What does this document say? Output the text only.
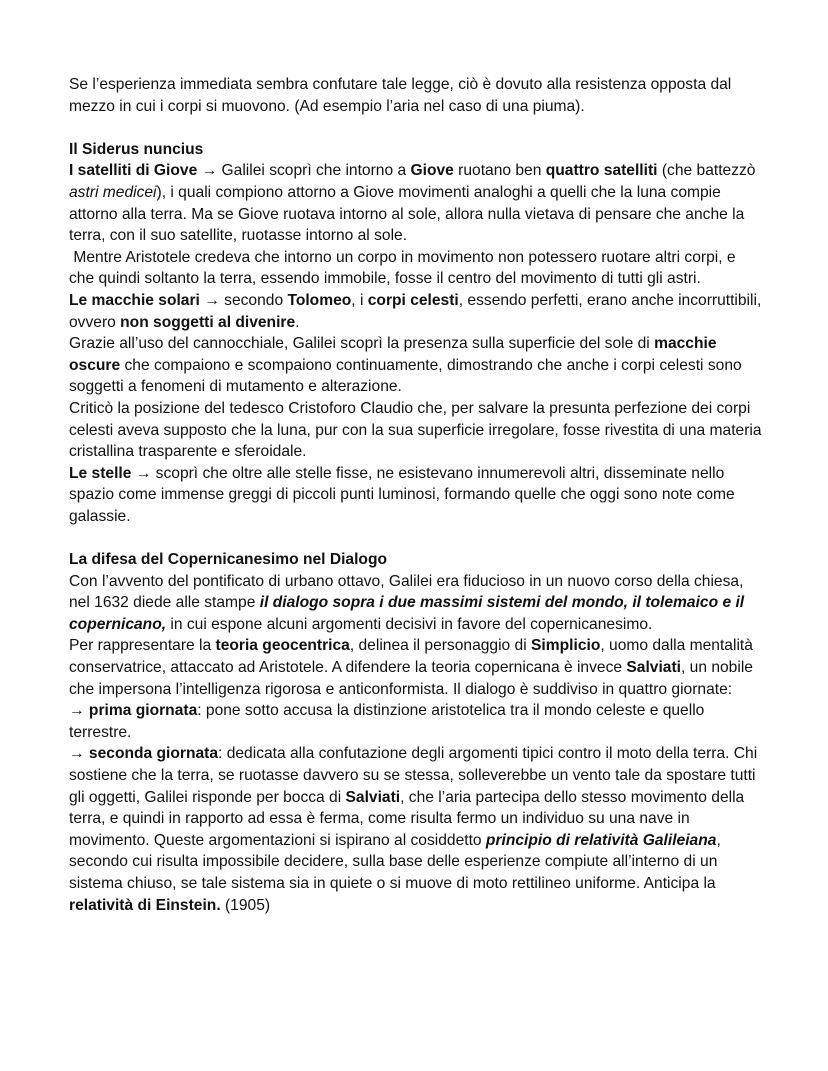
Se l’esperienza immediata sembra confutare tale legge, ciò è dovuto alla resistenza opposta dal mezzo in cui i corpi si muovono. (Ad esempio l’aria nel caso di una piuma).

Il Siderus nuncius

I satelliti di Giove → Galilei scoprì che intorno a Giove ruotano ben quattro satelliti (che battezzò astri medicei), i quali compiono attorno a Giove movimenti analoghi a quelli che la luna compie attorno alla terra. Ma se Giove ruotava intorno al sole, allora nulla vietava di pensare che anche la terra, con il suo satellite, ruotasse intorno al sole.

Mentre Aristotele credeva che intorno un corpo in movimento non potessero ruotare altri corpi, e che quindi soltanto la terra, essendo immobile, fosse il centro del movimento di tutti gli astri.

Le macchie solari → secondo Tolomeo, i corpi celesti, essendo perfetti, erano anche incorruttibili, ovvero non soggetti al divenire.

Grazie all’uso del cannocchiale, Galilei scoprì la presenza sulla superficie del sole di macchie oscure che compaiono e scompaiono continuamente, dimostrando che anche i corpi celesti sono soggetti a fenomeni di mutamento e alterazione.

Criticò la posizione del tedesco Cristoforo Claudio che, per salvare la presunta perfezione dei corpi celesti aveva supposto che la luna, pur con la sua superficie irregolare, fosse rivestita di una materia cristallina trasparente e sferoidale.

Le stelle → scoprì che oltre alle stelle fisse, ne esistevano innumerevoli altri, disseminate nello spazio come immense greggi di piccoli punti luminosi, formando quelle che oggi sono note come galassie.

La difesa del Copernicanesimo nel Dialogo

Con l’avvento del pontificato di urbano ottavo, Galilei era fiducioso in un nuovo corso della chiesa, nel 1632 diede alle stampe il dialogo sopra i due massimi sistemi del mondo, il tolemaico e il copernicano, in cui espone alcuni argomenti decisivi in favore del copernicanesimo.

Per rappresentare la teoria geocentrica, delinea il personaggio di Simplicio, uomo dalla mentalità conservatrice, attaccato ad Aristotele. A difendere la teoria copernicana è invece Salviati, un nobile che impersona l’intelligenza rigorosa e anticonformista. Il dialogo è suddiviso in quattro giornate:

→ prima giornata: pone sotto accusa la distinzione aristotelica tra il mondo celeste e quello terrestre.

→ seconda giornata: dedicata alla confutazione degli argomenti tipici contro il moto della terra. Chi sostiene che la terra, se ruotasse davvero su se stessa, solleverebbe un vento tale da spostare tutti gli oggetti, Galilei risponde per bocca di Salviati, che l’aria partecipa dello stesso movimento della terra, e quindi in rapporto ad essa è ferma, come risulta fermo un individuo su una nave in movimento. Queste argomentazioni si ispirano al cosiddetto principio di relatività Galileiana, secondo cui risulta impossibile decidere, sulla base delle esperienze compiute all’interno di un sistema chiuso, se tale sistema sia in quiete o si muove di moto rettilineo uniforme. Anticipa la relatività di Einstein. (1905)
